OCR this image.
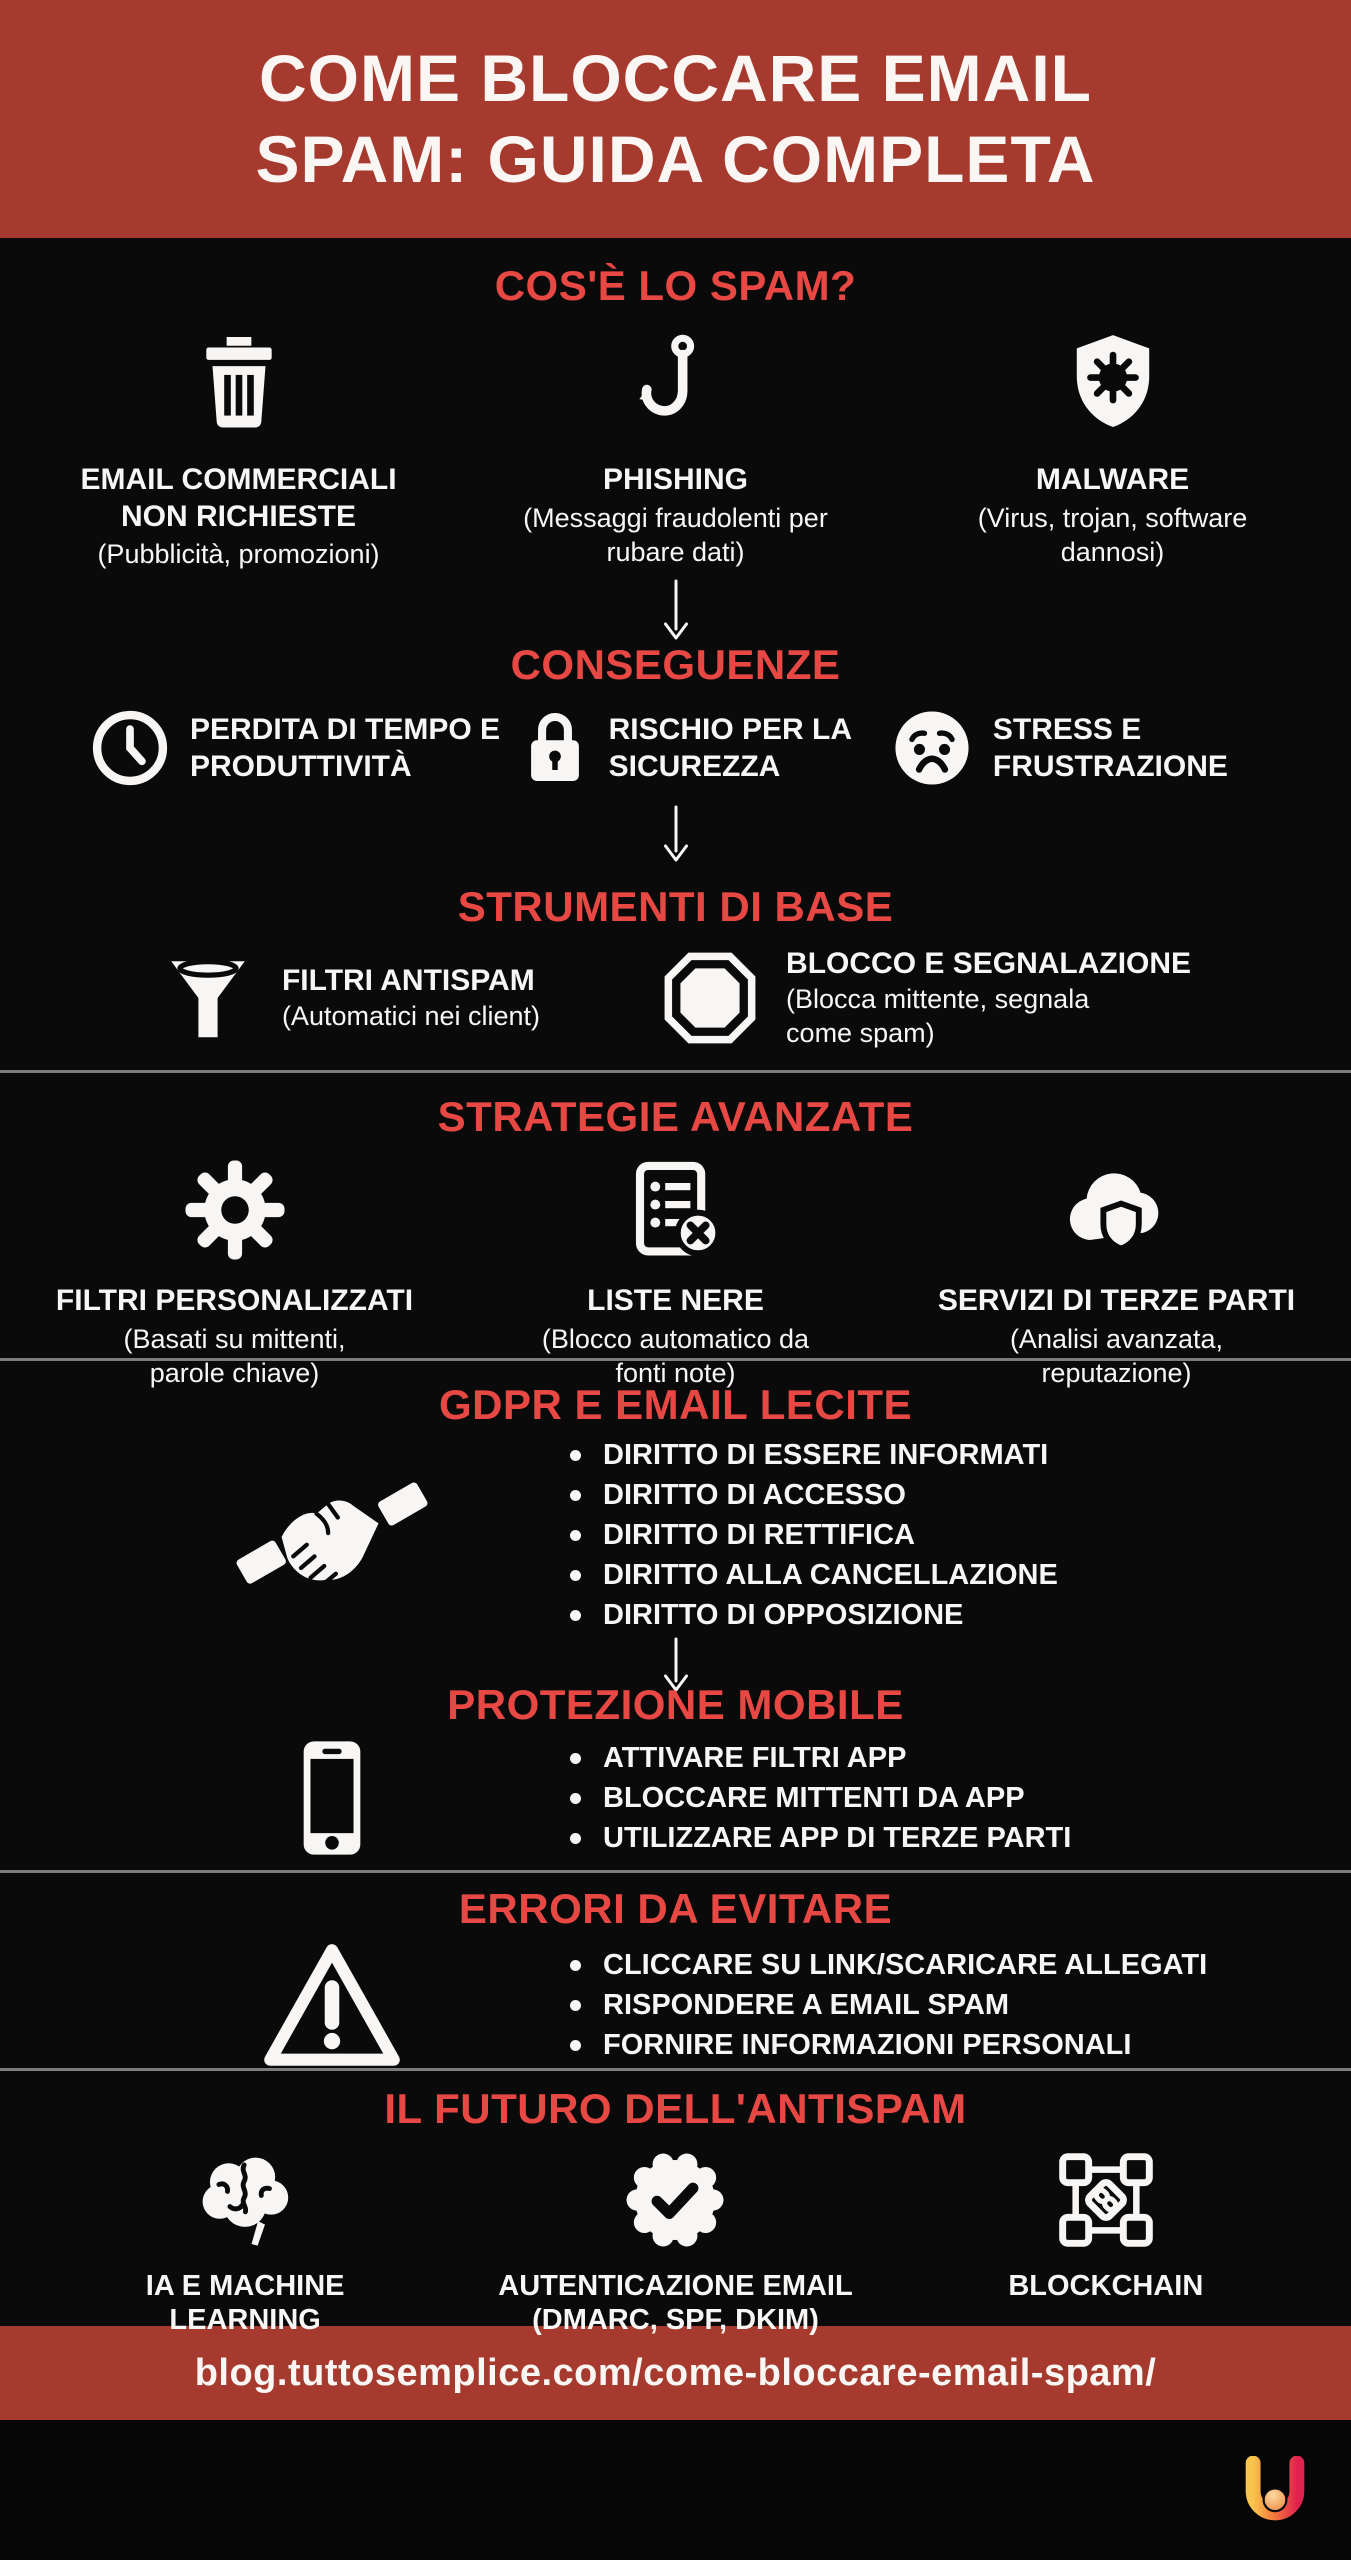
COME BLOCCARE EMAIL
SPAM: GUIDA COMPLETA
COS'È LO SPAM?
EMAIL COMMERCIALI NON RICHIESTE
(Pubblicità, promozioni)
PHISHING
(Messaggi fraudolenti per rubare dati)
MALWARE
(Virus, trojan, software dannosi)
CONSEGUENZE
PERDITA DI TEMPO E PRODUTTIVITÀ
RISCHIO PER LA SICUREZZA
STRESS E FRUSTRAZIONE
STRUMENTI DI BASE
FILTRI ANTISPAM
(Automatici nei client)
BLOCCO E SEGNALAZIONE
(Blocca mittente, segnala come spam)
STRATEGIE AVANZATE
FILTRI PERSONALIZZATI
(Basati su mittenti, parole chiave)
LISTE NERE
(Blocco automatico da fonti note)
SERVIZI DI TERZE PARTI
(Analisi avanzata, reputazione)
GDPR E EMAIL LECITE
DIRITTO DI ESSERE INFORMATI
DIRITTO DI ACCESSO
DIRITTO DI RETTIFICA
DIRITTO ALLA CANCELLAZIONE
DIRITTO DI OPPOSIZIONE
PROTEZIONE MOBILE
ATTIVARE FILTRI APP
BLOCCARE MITTENTI DA APP
UTILIZZARE APP DI TERZE PARTI
ERRORI DA EVITARE
CLICCARE SU LINK/SCARICARE ALLEGATI
RISPONDERE A EMAIL SPAM
FORNIRE INFORMAZIONI PERSONALI
IL FUTURO DELL'ANTISPAM
IA E MACHINE LEARNING
AUTENTICAZIONE EMAIL
(DMARC, SPF, DKIM)
BLOCKCHAIN
blog.tuttosemplice.com/come-bloccare-email-spam/
